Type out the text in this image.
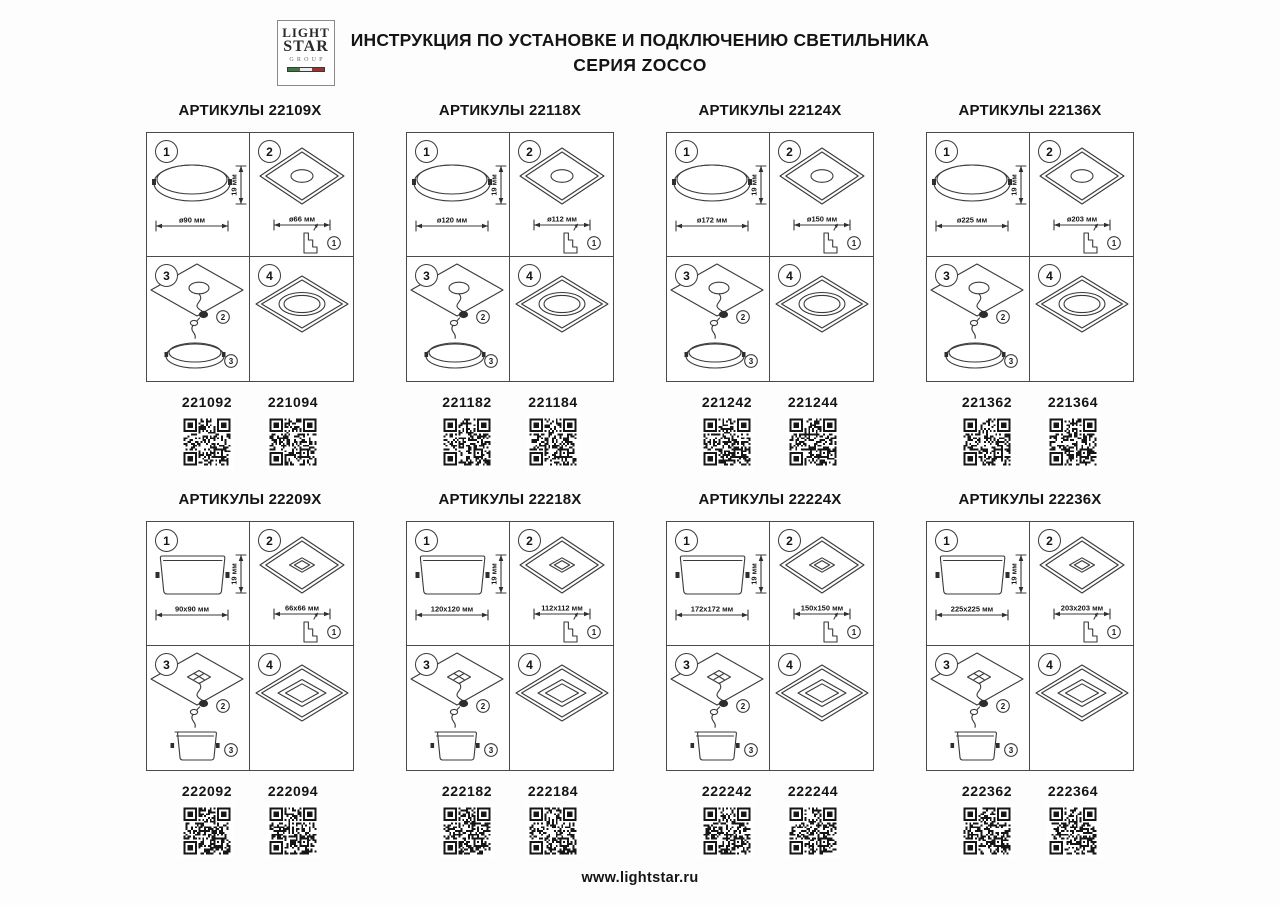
LIGHT
STAR
GROUP
ИНСТРУКЦИЯ ПО УСТАНОВКЕ И ПОДКЛЮЧЕНИЮ СВЕТИЛЬНИКА
СЕРИЯ ZOCCO
АРТИКУЛЫ 22109X
1
19 мм
ø90 мм
2
ø66 мм
1
3
2
3
4
221092	221094
АРТИКУЛЫ 22118X
1
19 мм
ø120 мм
2
ø112 мм
1
3
2
3
4
221182	221184
АРТИКУЛЫ 22124X
1
19 мм
ø172 мм
2
ø150 мм
1
3
2
3
4
221242	221244
АРТИКУЛЫ 22136X
1
19 мм
ø225 мм
2
ø203 мм
1
3
2
3
4
221362	221364
АРТИКУЛЫ 22209X
1
19 мм
90x90 мм
2
66x66 мм
1
3
2
3
4
222092	222094
АРТИКУЛЫ 22218X
1
19 мм
120x120 мм
2
112x112 мм
1
3
2
3
4
222182	222184
АРТИКУЛЫ 22224X
1
19 мм
172x172 мм
2
150x150 мм
1
3
2
3
4
222242	222244
АРТИКУЛЫ 22236X
1
19 мм
225x225 мм
2
203x203 мм
1
3
2
3
4
222362	222364
www.lightstar.ru
